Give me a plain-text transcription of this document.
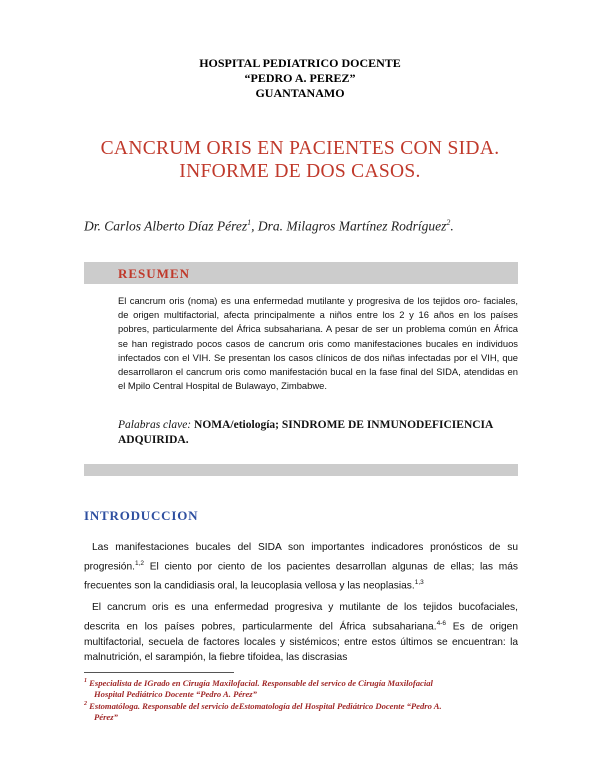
HOSPITAL PEDIATRICO DOCENTE
“PEDRO A. PEREZ”
GUANTANAMO
CANCRUM ORIS EN PACIENTES CON SIDA.
INFORME DE DOS CASOS.
Dr. Carlos Alberto Díaz Pérez$^1$, Dra. Milagros Martínez Rodríguez$^2$.
RESUMEN
El cancrum oris (noma) es una enfermedad mutilante y progresiva de los tejidos oro- faciales, de origen multifactorial, afecta principalmente a niños entre los 2 y 16 años en los países pobres, particularmente del África subsahariana. A pesar de ser un problema común en África se han registrado pocos casos de cancrum oris como manifestaciones bucales en individuos infectados con el VIH. Se presentan los casos clínicos de dos niñas infectadas por el VIH, que desarrollaron el cancrum oris como manifestación bucal en la fase final del SIDA, atendidas en el Mpilo Central Hospital de Bulawayo, Zimbabwe.
Palabras clave: NOMA/etiología; SINDROME DE INMUNODEFICIENCIA ADQUIRIDA.
INTRODUCCION
Las manifestaciones bucales del SIDA son importantes indicadores pronósticos de su progresión.$^{1,2}$ El ciento por ciento de los pacientes desarrollan algunas de ellas; las más frecuentes son la candidiasis oral, la leucoplasia vellosa y las neoplasias.$^{1,3}$
El cancrum oris es una enfermedad progresiva y mutilante de los tejidos bucofaciales, descrita en los países pobres, particularmente del África subsahariana.$^{4-6}$ Es de origen multifactorial, secuela de factores locales y sistémicos; entre estos últimos se encuentran: la malnutrición, el sarampión, la fiebre tifoidea, las discrasias
$^1$ Especialista de IGrado en Cirugía Maxilofacial. Responsable del servico de Cirugía Maxilofacial
Hospital Pediátrico Docente “Pedro A. Pérez”
$^2$ Estomatóloga. Responsable del servicio deEstomatología del Hospital Pediátrico Docente “Pedro A.
Pérez”
